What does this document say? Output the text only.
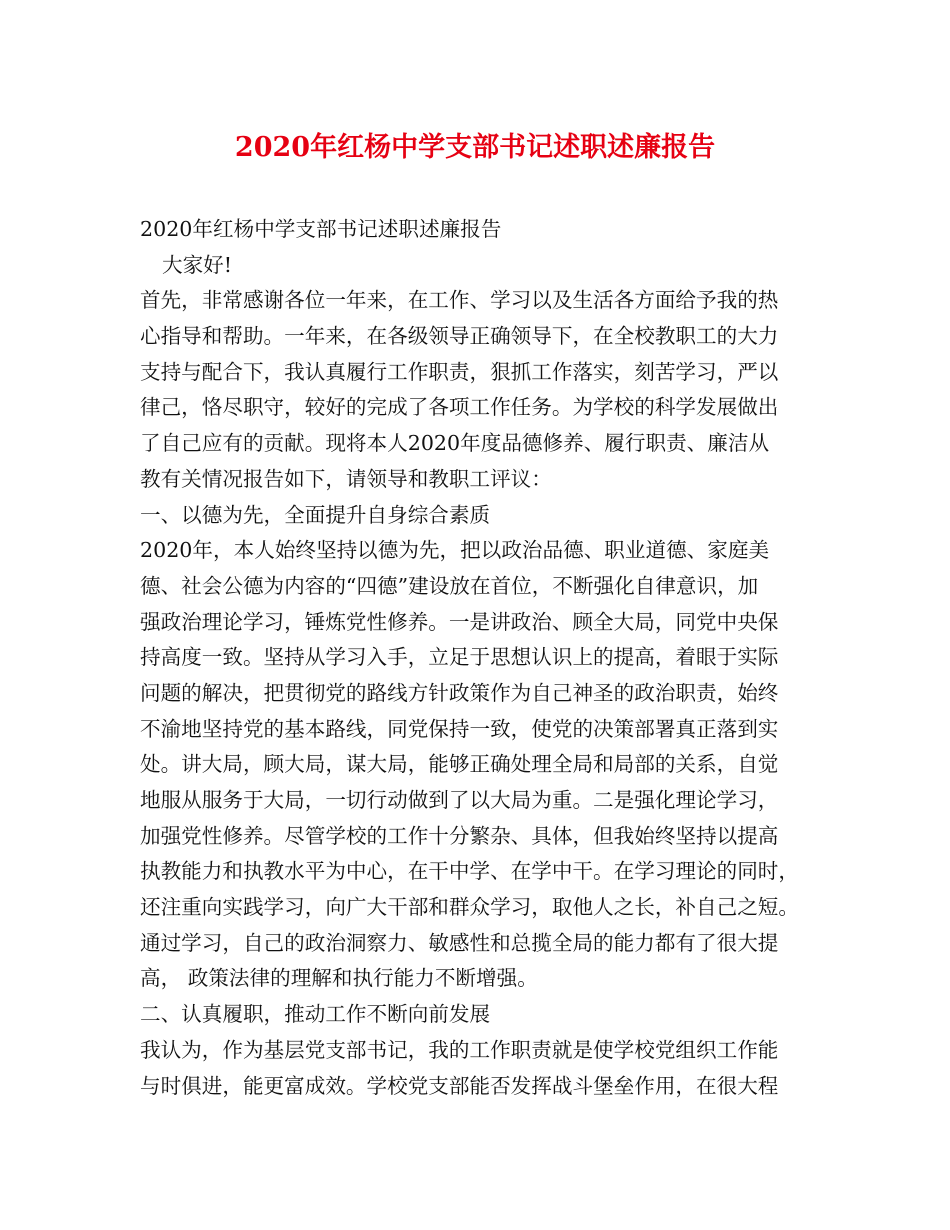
2020年红杨中学支部书记述职述廉报告
2020年红杨中学支部书记述职述廉报告
大家好!
首先，非常感谢各位一年来，在工作、学习以及生活各方面给予我的热
心指导和帮助。一年来，在各级领导正确领导下，在全校教职工的大力
支持与配合下，我认真履行工作职责，狠抓工作落实，刻苦学习，严以
律己，恪尽职守，较好的完成了各项工作任务。为学校的科学发展做出
了自己应有的贡献。现将本人2020年度品德修养、履行职责、廉洁从
教有关情况报告如下，请领导和教职工评议：
一、以德为先，全面提升自身综合素质
2020年，本人始终坚持以德为先，把以政治品德、职业道德、家庭美
德、社会公德为内容的“四德”建设放在首位，不断强化自律意识，加
强政治理论学习，锤炼党性修养。一是讲政治、顾全大局，同党中央保
持高度一致。坚持从学习入手，立足于思想认识上的提高，着眼于实际
问题的解决，把贯彻党的路线方针政策作为自己神圣的政治职责，始终
不渝地坚持党的基本路线，同党保持一致，使党的决策部署真正落到实
处。讲大局，顾大局，谋大局，能够正确处理全局和局部的关系，自觉
地服从服务于大局，一切行动做到了以大局为重。二是强化理论学习，
加强党性修养。尽管学校的工作十分繁杂、具体，但我始终坚持以提高
执教能力和执教水平为中心，在干中学、在学中干。在学习理论的同时，
还注重向实践学习，向广大干部和群众学习，取他人之长，补自己之短。
通过学习，自己的政治洞察力、敏感性和总揽全局的能力都有了很大提
高， 政策法律的理解和执行能力不断增强。
二、认真履职，推动工作不断向前发展
我认为，作为基层党支部书记，我的工作职责就是使学校党组织工作能
与时俱进，能更富成效。学校党支部能否发挥战斗堡垒作用，在很大程
